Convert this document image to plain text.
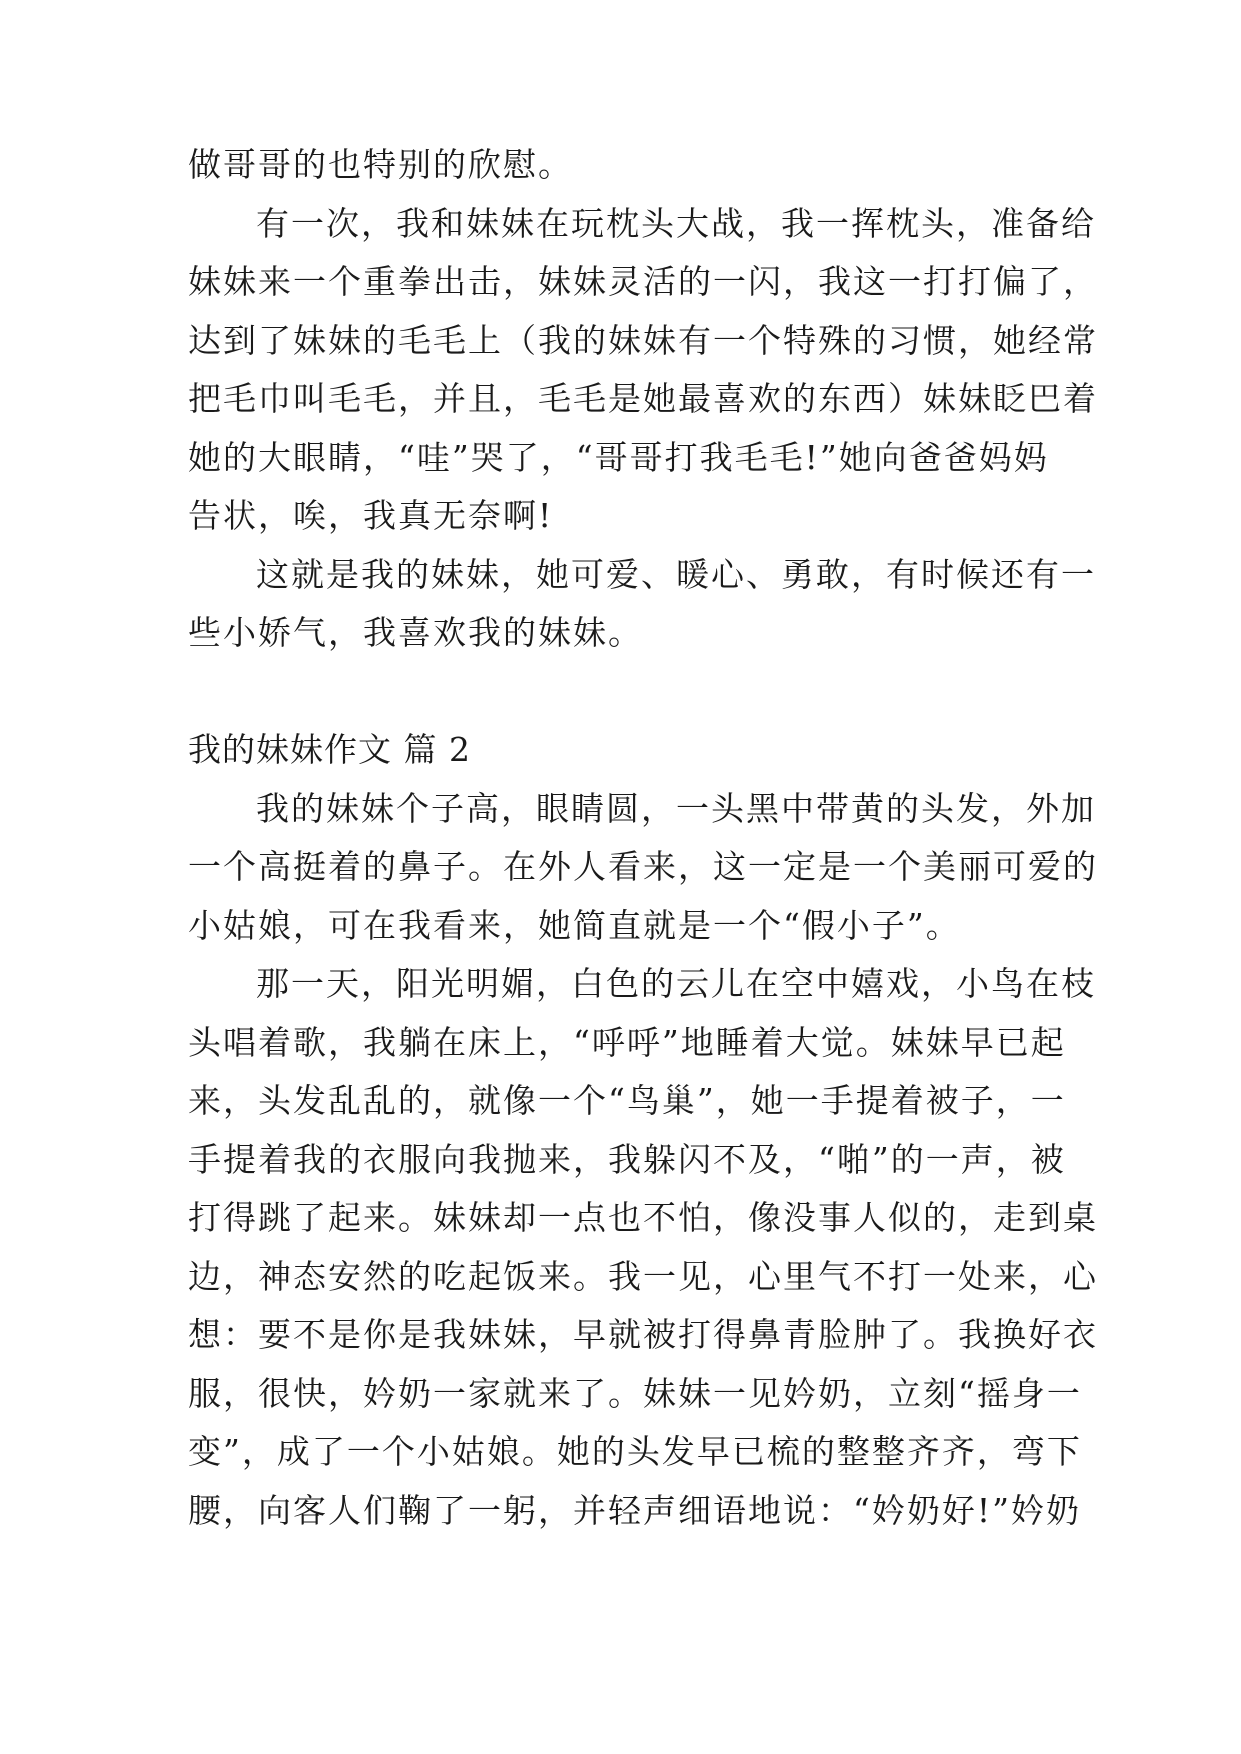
做哥哥的也特别的欣慰。
有一次，我和妹妹在玩枕头大战，我一挥枕头，准备给
妹妹来一个重拳出击，妹妹灵活的一闪，我这一打打偏了，
达到了妹妹的毛毛上（我的妹妹有一个特殊的习惯，她经常
把毛巾叫毛毛，并且，毛毛是她最喜欢的东西）妹妹眨巴着
她的大眼睛，“哇”哭了，“哥哥打我毛毛!”她向爸爸妈妈
告状，唉，我真无奈啊!
这就是我的妹妹，她可爱、暖心、勇敢，有时候还有一
些小娇气，我喜欢我的妹妹。
我的妹妹作文 篇 2
我的妹妹个子高，眼睛圆，一头黑中带黄的头发，外加
一个高挺着的鼻子。在外人看来，这一定是一个美丽可爱的
小姑娘，可在我看来，她简直就是一个“假小子”。
那一天，阳光明媚，白色的云儿在空中嬉戏，小鸟在枝
头唱着歌，我躺在床上，“呼呼”地睡着大觉。妹妹早已起
来，头发乱乱的，就像一个“鸟巢”，她一手提着被子，一
手提着我的衣服向我抛来，我躲闪不及，“啪”的一声，被
打得跳了起来。妹妹却一点也不怕，像没事人似的，走到桌
边，神态安然的吃起饭来。我一见，心里气不打一处来，心
想：要不是你是我妹妹，早就被打得鼻青脸肿了。我换好衣
服，很快，妗奶一家就来了。妹妹一见妗奶，立刻“摇身一
变”，成了一个小姑娘。她的头发早已梳的整整齐齐，弯下
腰，向客人们鞠了一躬，并轻声细语地说：“妗奶好!”妗奶
